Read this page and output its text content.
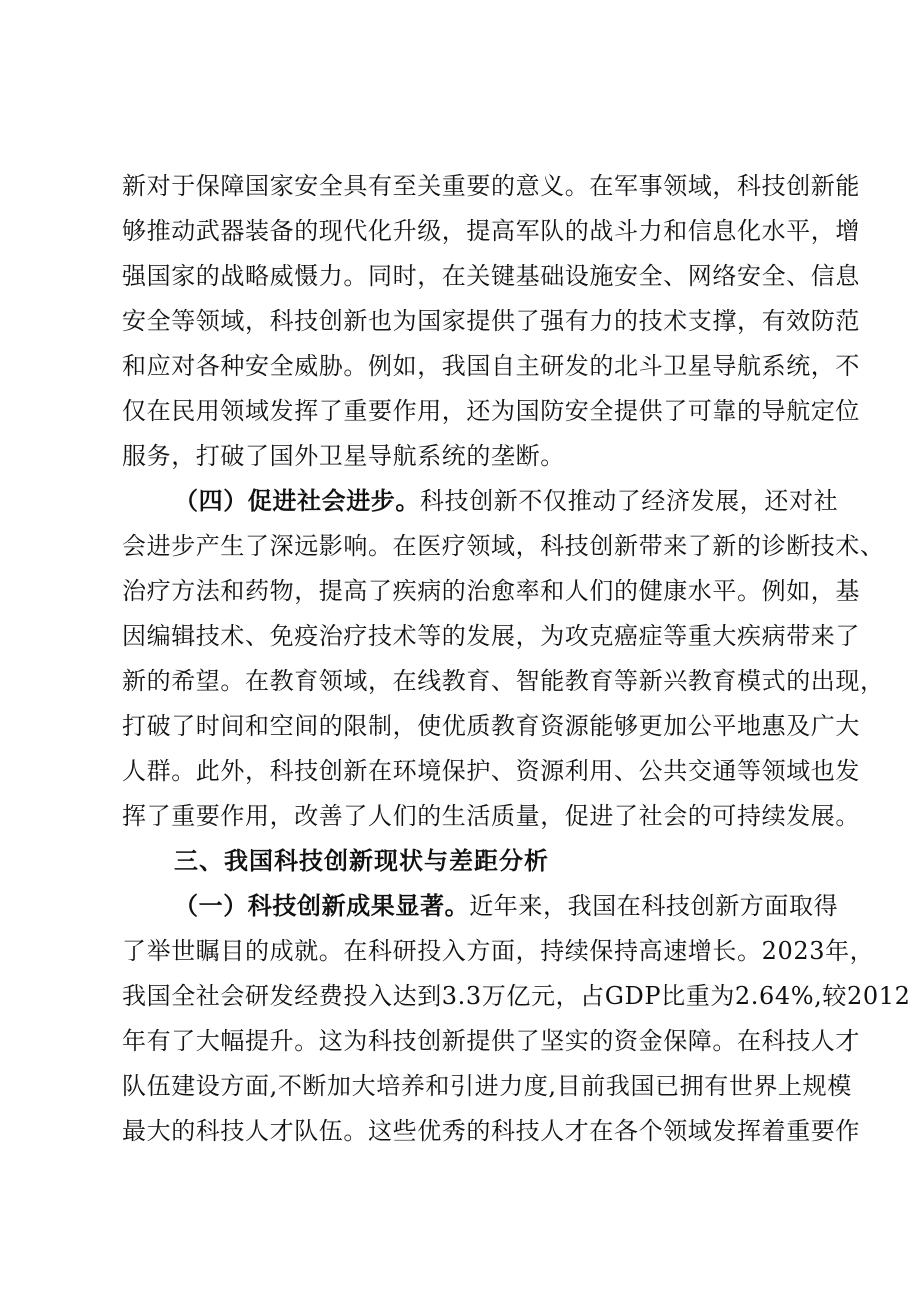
新对于保障国家安全具有至关重要的意义。在军事领域，科技创新能
够推动武器装备的现代化升级，提高军队的战斗力和信息化水平，增
强国家的战略威慑力。同时，在关键基础设施安全、网络安全、信息
安全等领域，科技创新也为国家提供了强有力的技术支撑，有效防范
和应对各种安全威胁。例如，我国自主研发的北斗卫星导航系统，不
仅在民用领域发挥了重要作用，还为国防安全提供了可靠的导航定位
服务，打破了国外卫星导航系统的垄断。
（四）促进社会进步。科技创新不仅推动了经济发展，还对社
会进步产生了深远影响。在医疗领域，科技创新带来了新的诊断技术、
治疗方法和药物，提高了疾病的治愈率和人们的健康水平。例如，基
因编辑技术、免疫治疗技术等的发展，为攻克癌症等重大疾病带来了
新的希望。在教育领域，在线教育、智能教育等新兴教育模式的出现，
打破了时间和空间的限制，使优质教育资源能够更加公平地惠及广大
人群。此外，科技创新在环境保护、资源利用、公共交通等领域也发
挥了重要作用，改善了人们的生活质量，促进了社会的可持续发展。
三、我国科技创新现状与差距分析
（一）科技创新成果显著。近年来，我国在科技创新方面取得
了举世瞩目的成就。在科研投入方面，持续保持高速增长。2023年，
我国全社会研发经费投入达到3.3万亿元，占GDP比重为2.64%,较2012
年有了大幅提升。这为科技创新提供了坚实的资金保障。在科技人才
队伍建设方面,不断加大培养和引进力度,目前我国已拥有世界上规模
最大的科技人才队伍。这些优秀的科技人才在各个领域发挥着重要作
